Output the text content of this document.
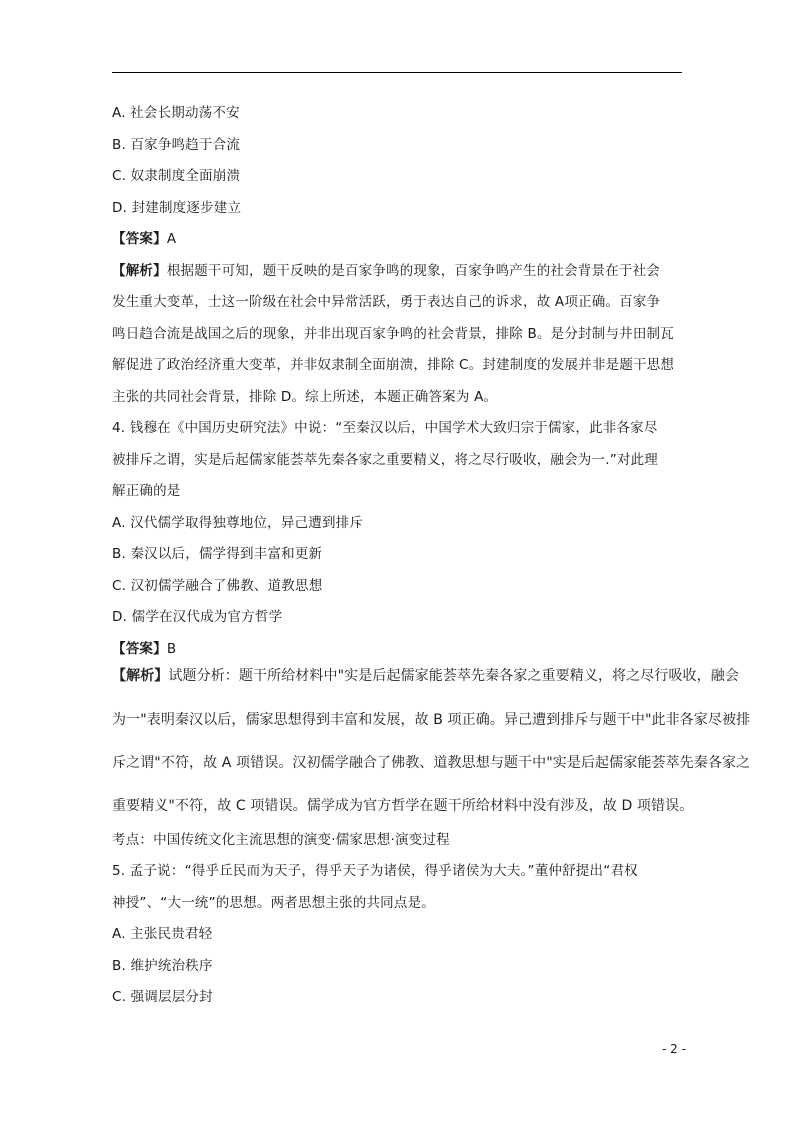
A. 社会长期动荡不安
B. 百家争鸣趋于合流
C. 奴隶制度全面崩溃
D. 封建制度逐步建立
【答案】A
【解析】根据题干可知，题干反映的是百家争鸣的现象，百家争鸣产生的社会背景在于社会
发生重大变革，士这一阶级在社会中异常活跃，勇于表达自己的诉求，故 A项正确。百家争
鸣日趋合流是战国之后的现象，并非出现百家争鸣的社会背景，排除 B。是分封制与井田制瓦
解促进了政治经济重大变革，并非奴隶制全面崩溃，排除 C。封建制度的发展并非是题干思想
主张的共同社会背景，排除 D。综上所述，本题正确答案为 A。
4. 钱穆在《中国历史研究法》中说：“至秦汉以后，中国学术大致归宗于儒家，此非各家尽
被排斥之谓，实是后起儒家能荟萃先秦各家之重要精义，将之尽行吸收，融会为一.”对此理
解正确的是
A. 汉代儒学取得独尊地位，异己遭到排斥
B. 秦汉以后，儒学得到丰富和更新
C. 汉初儒学融合了佛教、道教思想
D. 儒学在汉代成为官方哲学
【答案】B
【解析】试题分析：题干所给材料中"实是后起儒家能荟萃先秦各家之重要精义，将之尽行吸收，融会
为一"表明秦汉以后，儒家思想得到丰富和发展，故 B 项正确。异己遭到排斥与题干中"此非各家尽被排
斥之谓"不符，故 A 项错误。汉初儒学融合了佛教、道教思想与题干中"实是后起儒家能荟萃先秦各家之
重要精义"不符，故 C 项错误。儒学成为官方哲学在题干所给材料中没有涉及，故 D 项错误。
考点：中国传统文化主流思想的演变·儒家思想·演变过程
5. 孟子说：“得乎丘民而为天子，得乎天子为诸侯，得乎诸侯为大夫。”董仲舒提出“君权
神授”、“大一统”的思想。两者思想主张的共同点是。
A. 主张民贵君轻
B. 维护统治秩序
C. 强调层层分封
- 2 -
